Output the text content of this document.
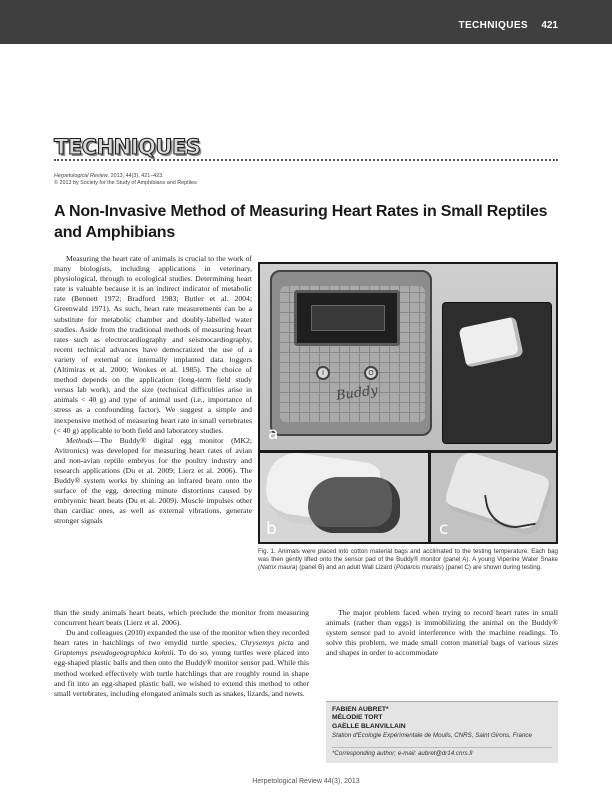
TECHNIQUES 421
TECHNIQUES
Herpetological Review, 2013, 44(3), 421–423.
© 2013 by Society for the Study of Amphibians and Reptiles
A Non-Invasive Method of Measuring Heart Rates in Small Reptiles and Amphibians

Measuring the heart rate of animals is crucial to the work of many biologists, including applications in veterinary, physiological, through to ecological studies. Determining heart rate is valuable because it is an indirect indicator of metabolic rate (Bennett 1972; Bradford 1983; Butler et al. 2004; Greenwald 1971). As such, heart rate measurements can be a substitute for metabolic chamber and doubly-labelled water studies. Aside from the traditional methods of measuring heart rates such as electrocardiography and seismocardiography, recent technical advances have democratized the use of a variety of external or internally implanted data loggers (Altimiras et al. 2000; Wookes et al. 1985). The choice of method depends on the application (long-term field study versus lab work), and the size (technical difficulties arise in animals < 40 g) and type of animal used (i.e., importance of stress as a confounding factor). We suggest a simple and inexpensive method of measuring heart rate in small vertebrates (< 40 g) applicable to both field and laboratory studies.

Methods—The Buddy® digital egg monitor (MK2; Avitronics) was developed for measuring heart rates of avian and non-avian reptile embryos for the poultry industry and research applications (Du et al. 2009; Lierz et al. 2006). The Buddy® system works by shining an infrared beam onto the surface of the egg, detecting minute distortions caused by embryonic heart beats (Du et al. 2009). Muscle impulses other than cardiac ones, as well as external vibrations, generate stronger signals

I	O
Buddy
a
b	c
Fig. 1. Animals were placed into cotton material bags and acclimated to the testing temperature. Each bag was then gently lifted onto the sensor pad of the Buddy® monitor (panel A). A young Viperine Water Snake (Natrix maura) (panel B) and an adult Wall Lizard (Podarcis muralis) (panel C) are shown during testing.

than the study animals heart beats, which preclude the monitor from measuring concurrent heart beats (Lierz et al. 2006).

Du and colleagues (2010) expanded the use of the monitor when they recorded heart rates in hatchlings of two emydid turtle species, Chrysemys picta and Graptemys pseudogeographica kohnii. To do so, young turtles were placed into egg-shaped plastic balls and then onto the Buddy® monitor sensor pad. While this method worked effectively with turtle hatchlings that are roughly round in shape and fit into an egg-shaped plastic ball, we wished to extend this method to other small vertebrates, including elongated animals such as snakes, lizards, and newts.

The major problem faced when trying to record heart rates in small animals (rather than eggs) is immobilizing the animal on the Buddy® system sensor pad to avoid interference with the machine readings. To solve this problem, we made small cotton material bags of various sizes and shapes in order to accommodate

FABIEN AUBRET*
MÉLODIE TORT
GAËLLE BLANVILLAIN
Station d'Ecologie Expérimentale de Moulis, CNRS, Saint Girons, France
*Corresponding author; e-mail: aubret@dr14.cnrs.fr
Herpetological Review 44(3), 2013
